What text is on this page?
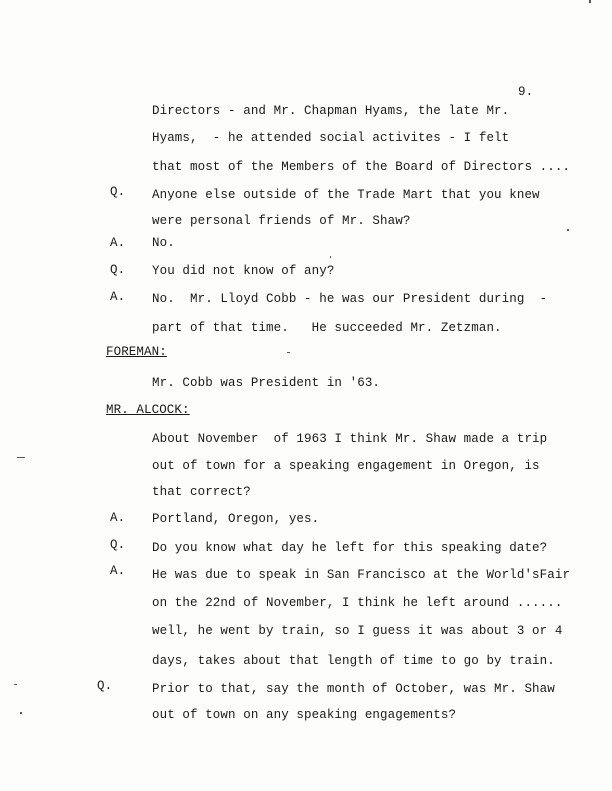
9.
Directors - and Mr. Chapman Hyams, the late Mr.
Hyams,  - he attended social activites - I felt
that most of the Members of the Board of Directors ....
Q. Anyone else outside of the Trade Mart that you knew
were personal friends of Mr. Shaw?
A. No.
Q. You did not know of any?
A. No.  Mr. Lloyd Cobb - he was our President during  -
part of that time.   He succeeded Mr. Zetzman.
FOREMAN:
Mr. Cobb was President in '63.
MR. ALCOCK:
About November  of 1963 I think Mr. Shaw made a trip
out of town for a speaking engagement in Oregon, is
that correct?
A. Portland, Oregon, yes.
Q. Do you know what day he left for this speaking date?
A. He was due to speak in San Francisco at the World'sFair
on the 22nd of November, I think he left around ......
well, he went by train, so I guess it was about 3 or 4
days, takes about that length of time to go by train.
Q.	Prior to that, say the month of October, was Mr. Shaw
out of town on any speaking engagements?
